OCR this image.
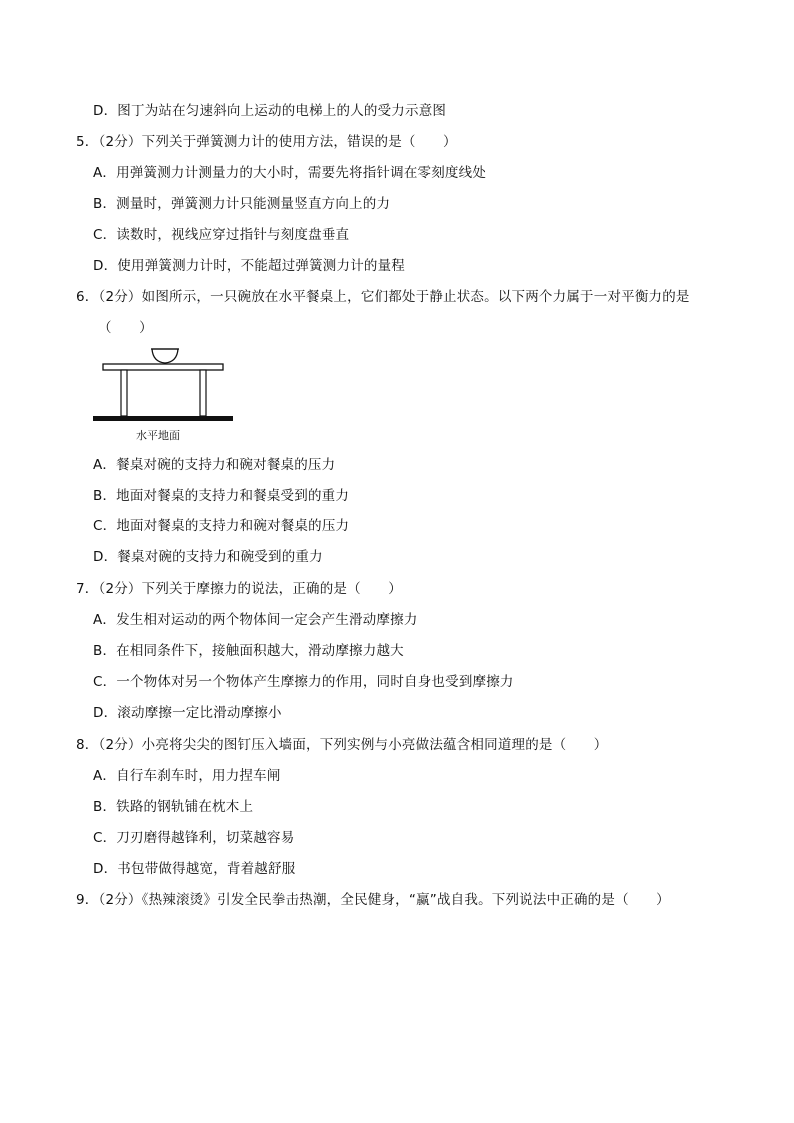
D．图丁为站在匀速斜向上运动的电梯上的人的受力示意图
5．（2分）下列关于弹簧测力计的使用方法，错误的是（　　）
A．用弹簧测力计测量力的大小时，需要先将指针调在零刻度线处
B．测量时，弹簧测力计只能测量竖直方向上的力
C．读数时，视线应穿过指针与刻度盘垂直
D．使用弹簧测力计时，不能超过弹簧测力计的量程
6．（2分）如图所示，一只碗放在水平餐桌上，它们都处于静止状态。以下两个力属于一对平衡力的是
（　　）
水平地面
A．餐桌对碗的支持力和碗对餐桌的压力
B．地面对餐桌的支持力和餐桌受到的重力
C．地面对餐桌的支持力和碗对餐桌的压力
D．餐桌对碗的支持力和碗受到的重力
7．（2分）下列关于摩擦力的说法，正确的是（　　）
A．发生相对运动的两个物体间一定会产生滑动摩擦力
B．在相同条件下，接触面积越大，滑动摩擦力越大
C．一个物体对另一个物体产生摩擦力的作用，同时自身也受到摩擦力
D．滚动摩擦一定比滑动摩擦小
8．（2分）小亮将尖尖的图钉压入墙面，下列实例与小亮做法蕴含相同道理的是（　　）
A．自行车刹车时，用力捏车闸
B．铁路的钢轨铺在枕木上
C．刀刃磨得越锋利，切菜越容易
D．书包带做得越宽，背着越舒服
9．（2分）《热辣滚烫》引发全民拳击热潮，全民健身，“赢”战自我。下列说法中正确的是（　　）
